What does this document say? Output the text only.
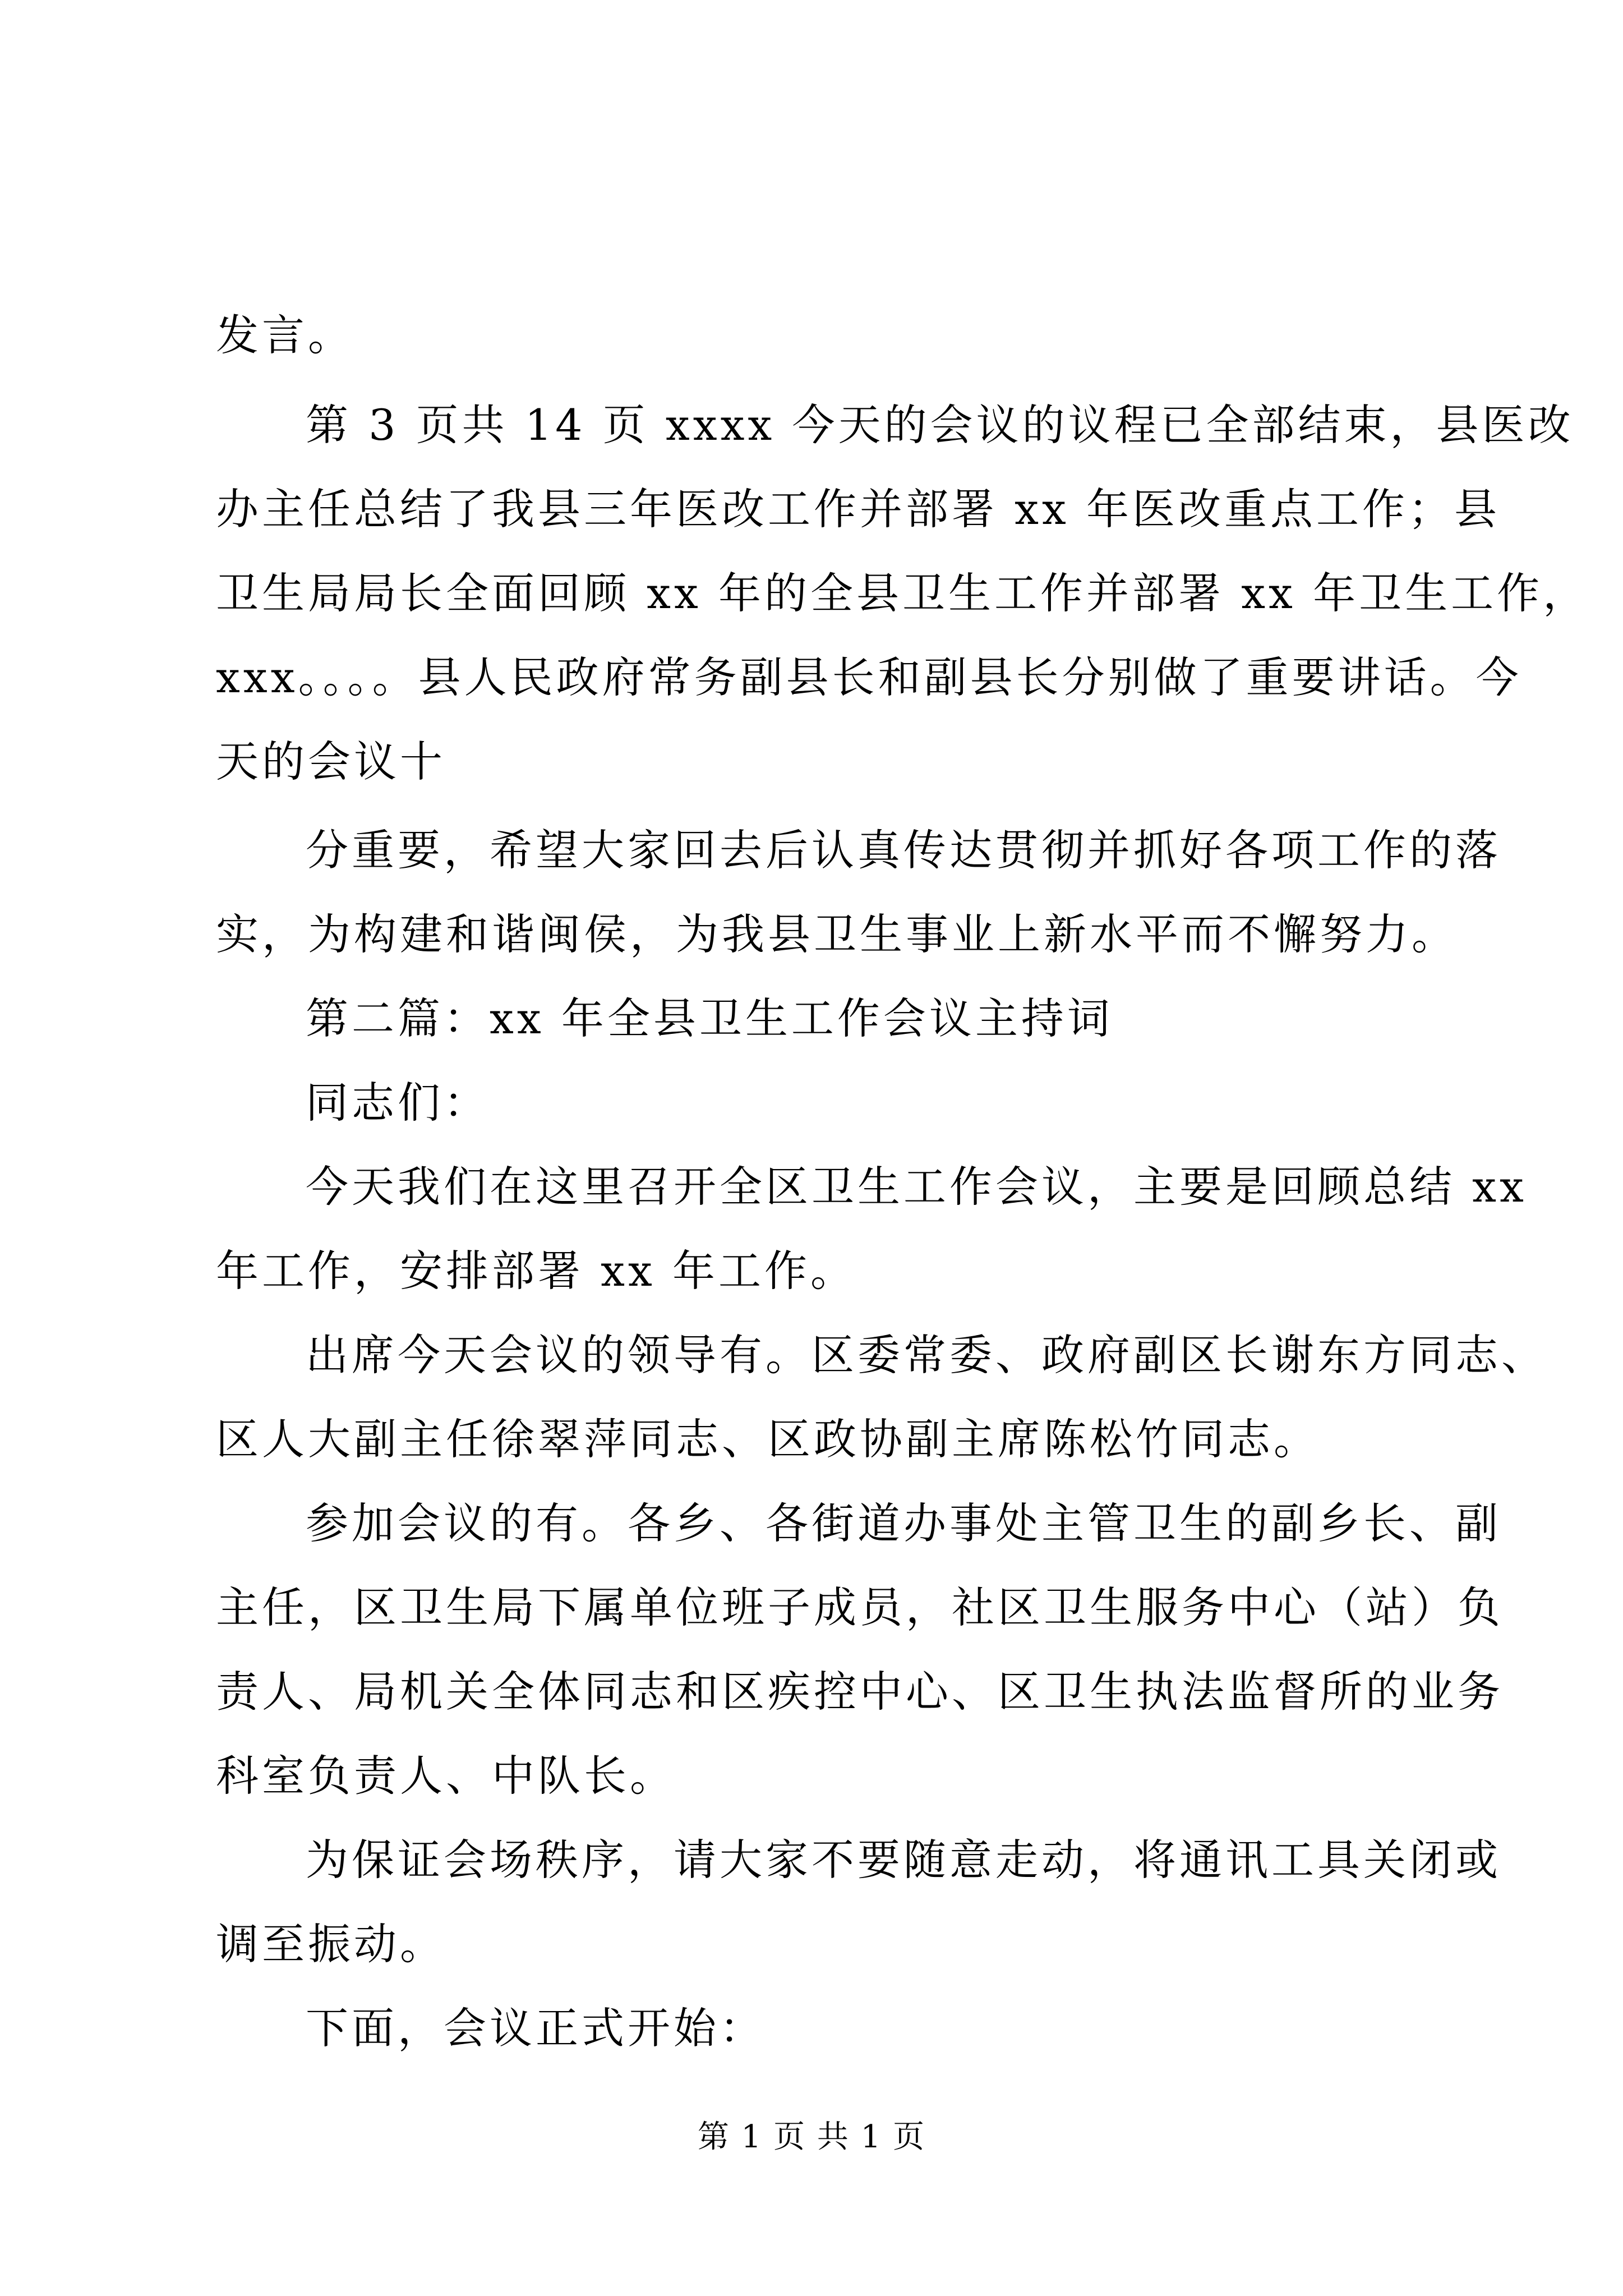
发言。
第 3 页共 14 页 xxxx 今天的会议的议程已全部结束，县医改
办主任总结了我县三年医改工作并部署 xx 年医改重点工作；县
卫生局局长全面回顾 xx 年的全县卫生工作并部署 xx 年卫生工作，
xxx。。。。县人民政府常务副县长和副县长分别做了重要讲话。今
天的会议十
分重要，希望大家回去后认真传达贯彻并抓好各项工作的落
实，为构建和谐闽侯，为我县卫生事业上新水平而不懈努力。
第二篇：xx 年全县卫生工作会议主持词
同志们：
今天我们在这里召开全区卫生工作会议，主要是回顾总结 xx
年工作，安排部署 xx 年工作。
出席今天会议的领导有。区委常委、政府副区长谢东方同志、
区人大副主任徐翠萍同志、区政协副主席陈松竹同志。
参加会议的有。各乡、各街道办事处主管卫生的副乡长、副
主任，区卫生局下属单位班子成员，社区卫生服务中心（站）负
责人、局机关全体同志和区疾控中心、区卫生执法监督所的业务
科室负责人、中队长。
为保证会场秩序，请大家不要随意走动，将通讯工具关闭或
调至振动。
下面，会议正式开始：
第 1 页 共 1 页
